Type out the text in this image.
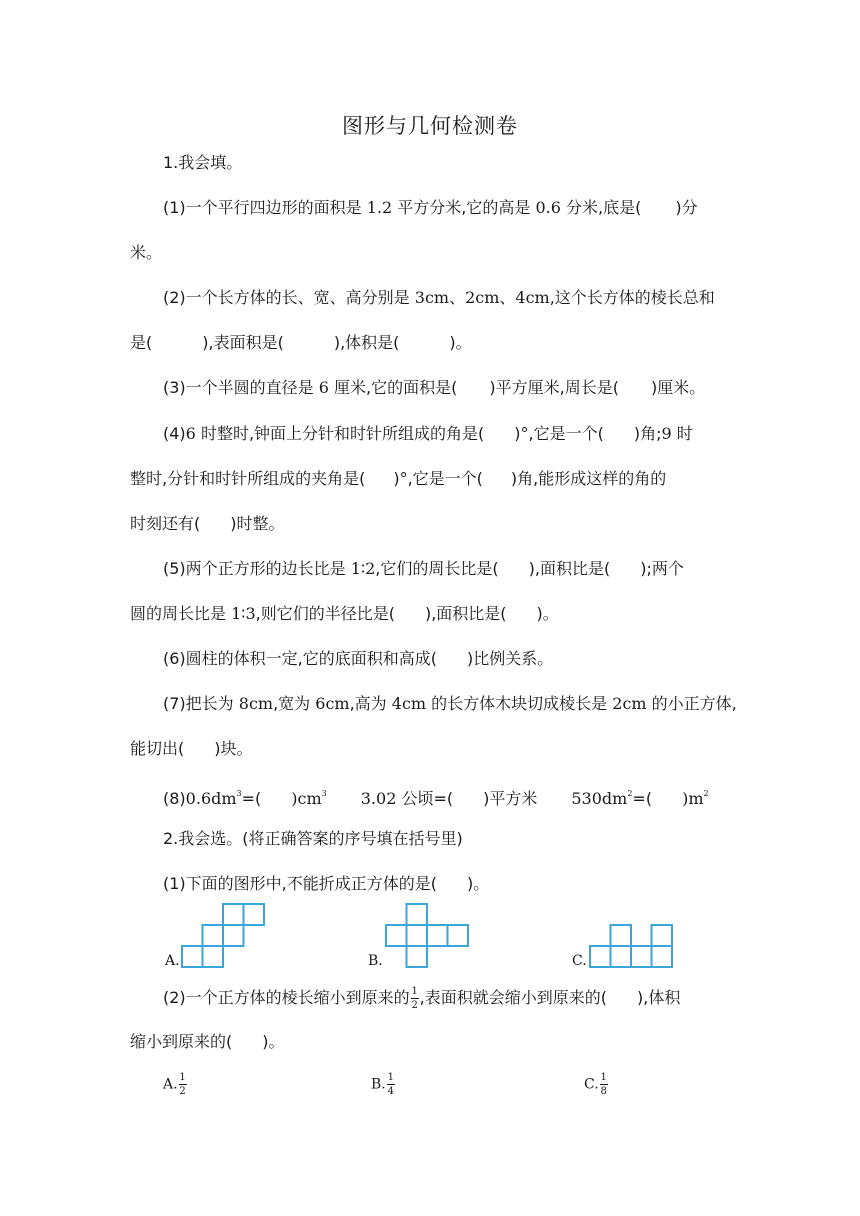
图形与几何检测卷
1.我会填。
(1)一个平行四边形的面积是 1.2 平方分米,它的高是 0.6 分米,底是( )分
米。
(2)一个长方体的长、宽、高分别是 3cm、2cm、4cm,这个长方体的棱长总和
是(	),表面积是(	),体积是(	)。
(3)一个半圆的直径是 6 厘米,它的面积是( )平方厘米,周长是( )厘米。
(4)6 时整时,钟面上分针和时针所组成的角是( )°,它是一个( )角;9 时
整时,分针和时针所组成的夹角是( )°,它是一个( )角,能形成这样的角的
时刻还有( )时整。
(5)两个正方形的边长比是 1∶2,它们的周长比是( ),面积比是( );两个
圆的周长比是 1∶3,则它们的半径比是( ),面积比是( )。
(6)圆柱的体积一定,它的底面积和高成( )比例关系。
(7)把长为 8cm,宽为 6cm,高为 4cm 的长方体木块切成棱长是 2cm 的小正方体,
能切出( )块。
$(8)0.6dm^3=$( )$cm^3$ 3.02 公顷=( )平方米 $530dm^2=$( )$m^2$
2.我会选。(将正确答案的序号填在括号里)
(1)下面的图形中,不能折成正方体的是( )。
A.	B.	C.
(2)一个正方体的棱长缩小到原来的 $\frac{1}{2}$ ,表面积就会缩小到原来的( ),体积
缩小到原来的( )。
A. $\frac{1}{2}$	B. $\frac{1}{4}$	C. $\frac{1}{8}$
